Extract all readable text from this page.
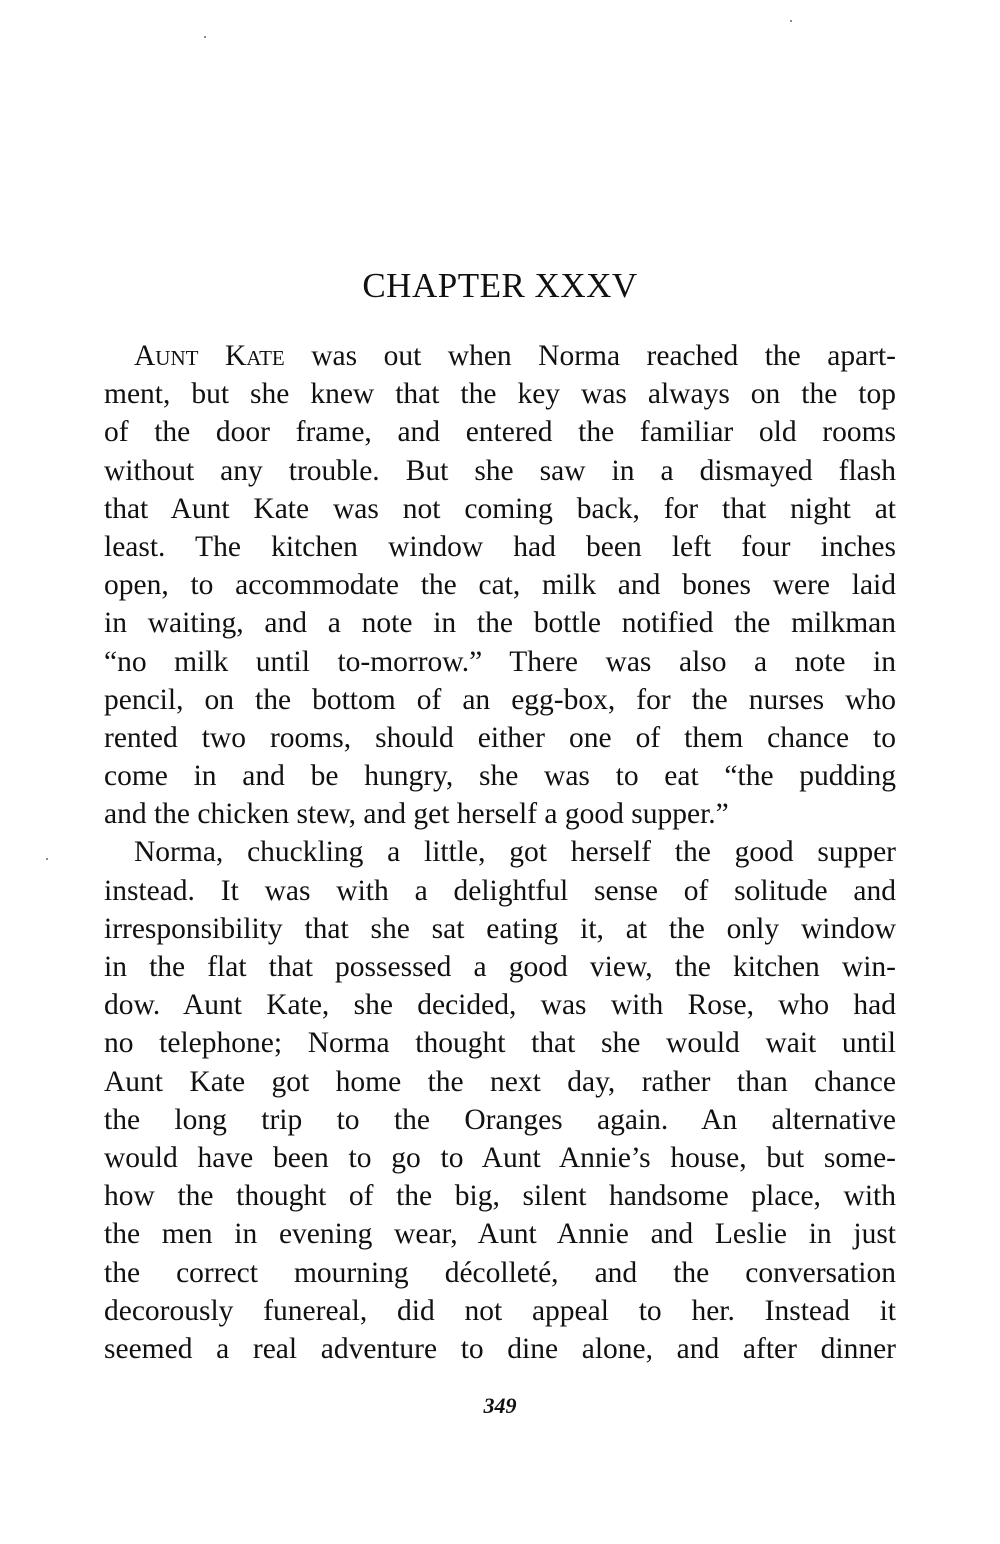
CHAPTER XXXV
Aunt Kate was out when Norma reached the apart-
ment, but she knew that the key was always on the top
of the door frame, and entered the familiar old rooms
without any trouble. But she saw in a dismayed flash
that Aunt Kate was not coming back, for that night at
least. The kitchen window had been left four inches
open, to accommodate the cat, milk and bones were laid
in waiting, and a note in the bottle notified the milkman
“no milk until to-morrow.” There was also a note in
pencil, on the bottom of an egg-box, for the nurses who
rented two rooms, should either one of them chance to
come in and be hungry, she was to eat “the pudding
and the chicken stew, and get herself a good supper.”
Norma, chuckling a little, got herself the good supper
instead. It was with a delightful sense of solitude and
irresponsibility that she sat eating it, at the only window
in the flat that possessed a good view, the kitchen win-
dow. Aunt Kate, she decided, was with Rose, who had
no telephone; Norma thought that she would wait until
Aunt Kate got home the next day, rather than chance
the long trip to the Oranges again. An alternative
would have been to go to Aunt Annie’s house, but some-
how the thought of the big, silent handsome place, with
the men in evening wear, Aunt Annie and Leslie in just
the correct mourning décolleté, and the conversation
decorously funereal, did not appeal to her. Instead it
seemed a real adventure to dine alone, and after dinner
349
